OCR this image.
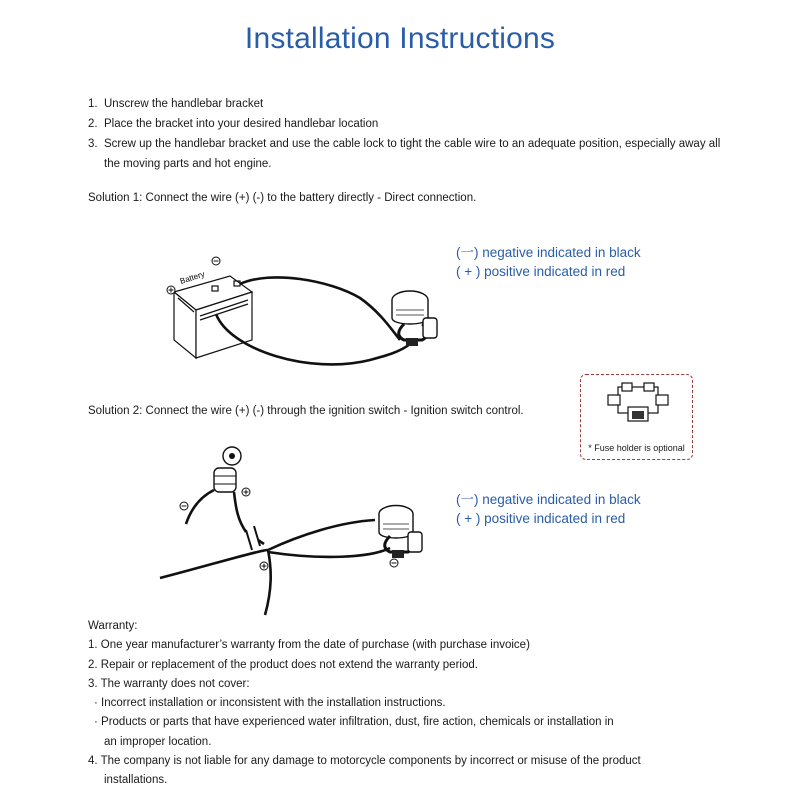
Installation Instructions
1. Unscrew the handlebar bracket
2. Place the bracket into your desired handlebar location
3. Screw up the handlebar bracket and use the cable lock to tight the cable wire to an adequate position, especially away all the moving parts and hot engine.
Solution 1: Connect the wire (+) (-) to the battery directly - Direct connection.
Battery
(一) negative indicated in black
( + ) positive indicated in red
* Fuse holder is optional
Solution 2: Connect the wire (+) (-) through the ignition switch - Ignition switch control.
(一) negative indicated in black
( + ) positive indicated in red
Warranty:
1. One year manufacturer’s warranty from the date of purchase (with purchase invoice)
2. Repair or replacement of the product does not extend the warranty period.
3. The warranty does not cover:
· Incorrect installation or inconsistent with the installation instructions.
· Products or parts that have experienced water infiltration, dust, fire action, chemicals or installation in
an improper location.
4. The company is not liable for any damage to motorcycle components by incorrect or misuse of the product
installations.
